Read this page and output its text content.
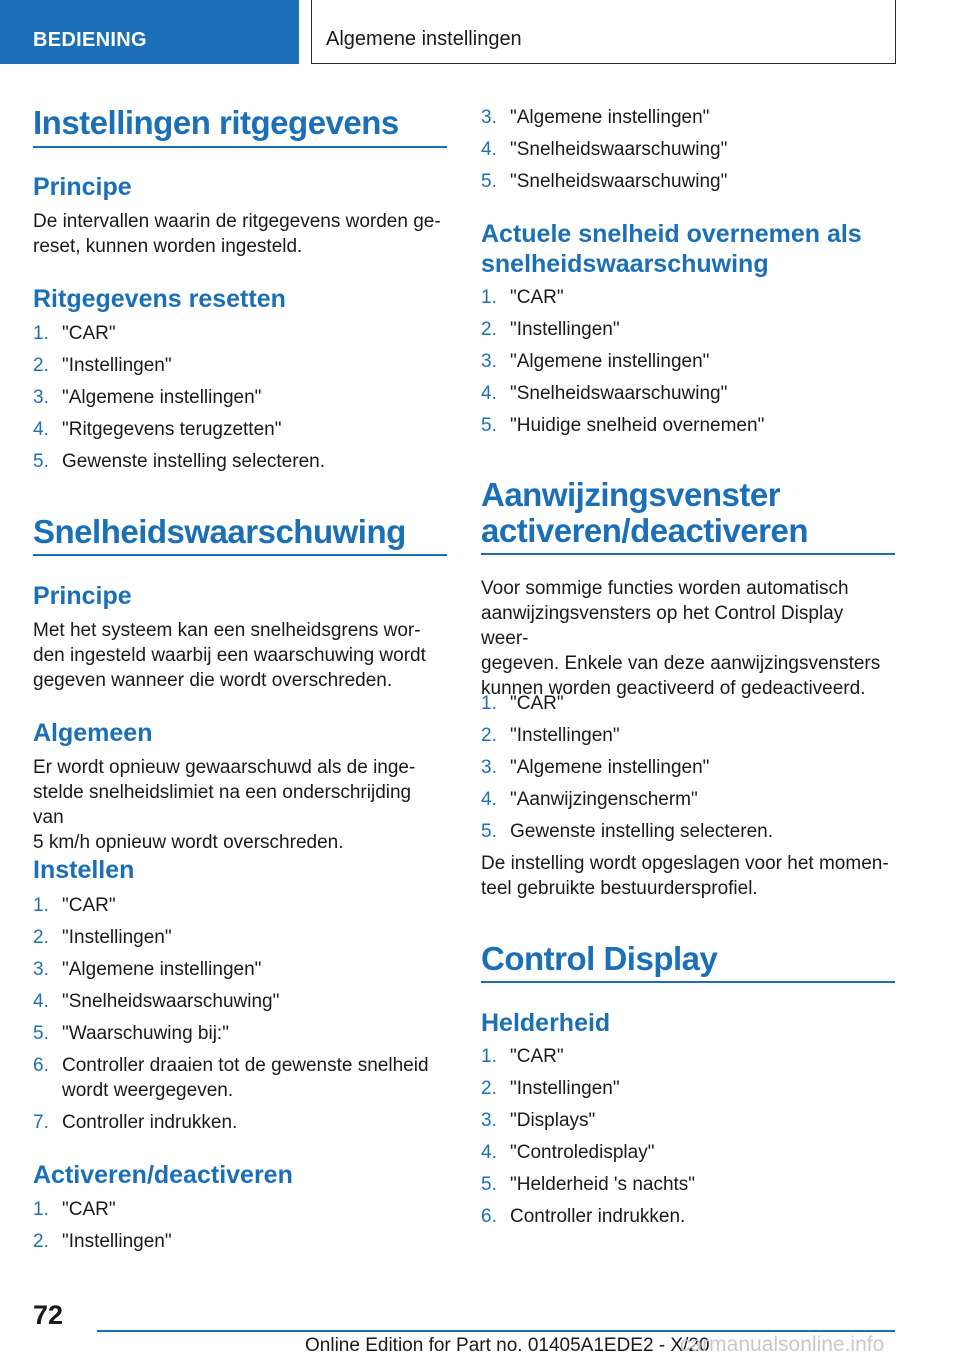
BEDIENING	Algemene instellingen
Instellingen ritgegevens
Principe
De intervallen waarin de ritgegevens worden ge-
reset, kunnen worden ingesteld.
Ritgegevens resetten
1. "CAR"
2. "Instellingen"
3. "Algemene instellingen"
4. "Ritgegevens terugzetten"
5. Gewenste instelling selecteren.
Snelheidswaarschuwing
Principe
Met het systeem kan een snelheidsgrens wor-
den ingesteld waarbij een waarschuwing wordt
gegeven wanneer die wordt overschreden.
Algemeen
Er wordt opnieuw gewaarschuwd als de inge-
stelde snelheidslimiet na een onderschrijding van
5 km/h opnieuw wordt overschreden.
Instellen
1. "CAR"
2. "Instellingen"
3. "Algemene instellingen"
4. "Snelheidswaarschuwing"
5. "Waarschuwing bij:"
6. Controller draaien tot de gewenste snelheid wordt weergegeven.
7. Controller indrukken.
Activeren/deactiveren
1. "CAR"
2. "Instellingen"
3. "Algemene instellingen"
4. "Snelheidswaarschuwing"
5. "Snelheidswaarschuwing"
Actuele snelheid overnemen als
snelheidswaarschuwing
1. "CAR"
2. "Instellingen"
3. "Algemene instellingen"
4. "Snelheidswaarschuwing"
5. "Huidige snelheid overnemen"
Aanwijzingsvenster
activeren/deactiveren
Voor sommige functies worden automatisch
aanwijzingsvensters op het Control Display weer-
gegeven. Enkele van deze aanwijzingsvensters
kunnen worden geactiveerd of gedeactiveerd.
1. "CAR"
2. "Instellingen"
3. "Algemene instellingen"
4. "Aanwijzingenscherm"
5. Gewenste instelling selecteren.
De instelling wordt opgeslagen voor het momen-
teel gebruikte bestuurdersprofiel.
Control Display
Helderheid
1. "CAR"
2. "Instellingen"
3. "Displays"
4. "Controledisplay"
5. "Helderheid 's nachts"
6. Controller indrukken.
72
Online Edition for Part no. 01405A1EDE2 - X/20
carmanualsonline.info
